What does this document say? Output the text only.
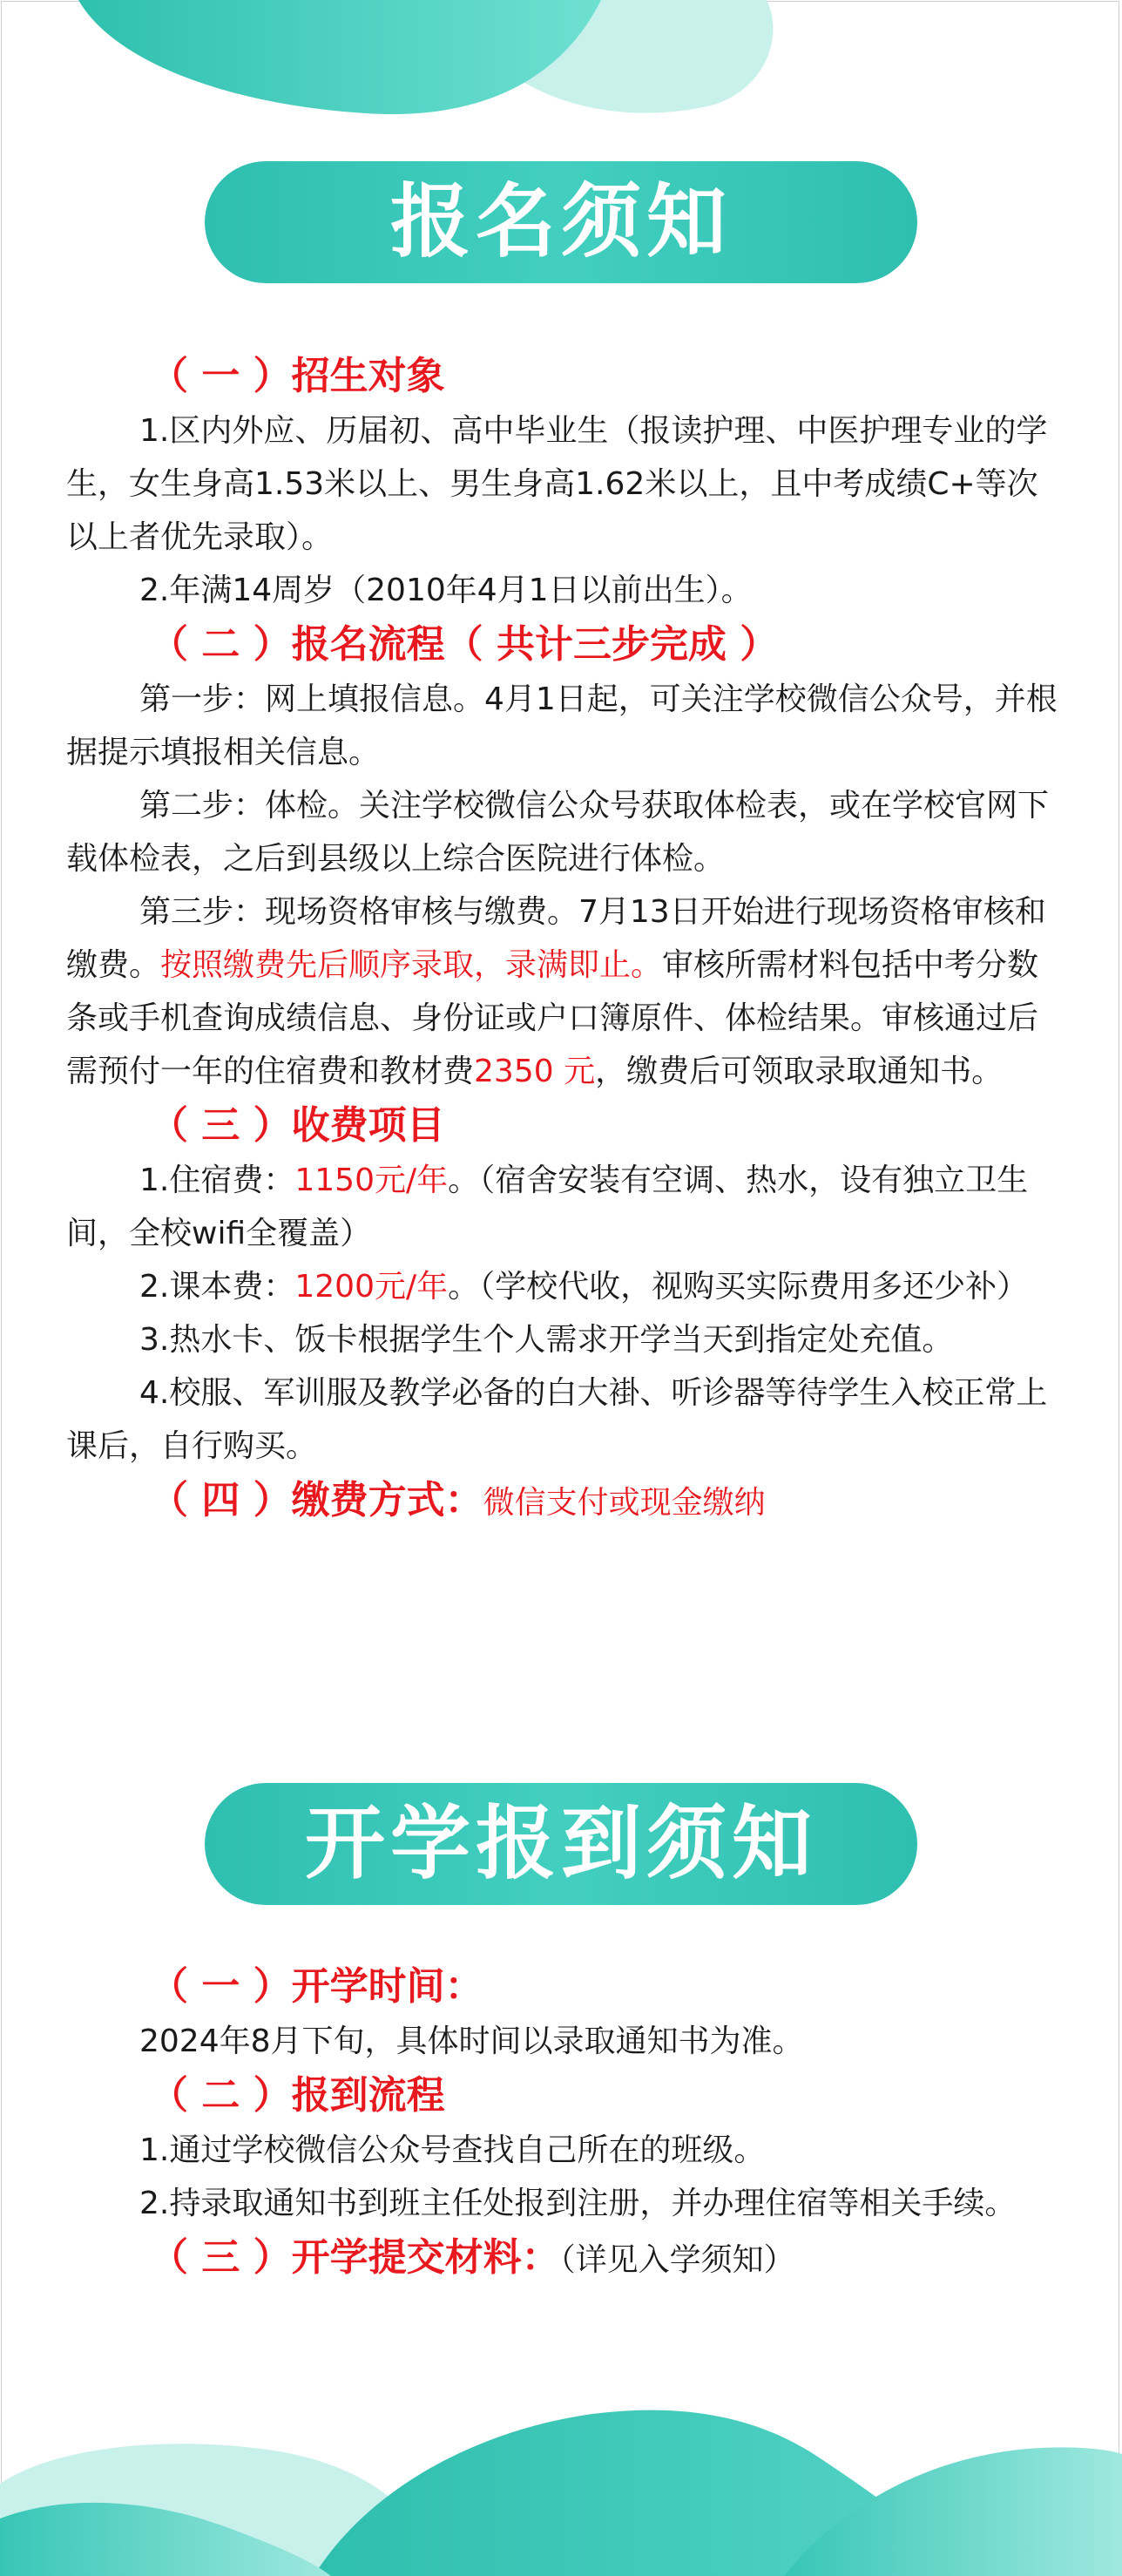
报名须知

（ 一 ）招生对象

1.区内外应、历届初、高中毕业生（报读护理、中医护理专业的学生，女生身高1.53米以上、男生身高1.62米以上，且中考成绩C+等次以上者优先录取）。

2.年满14周岁（2010年4月1日以前出生）。

（ 二 ）报名流程（ 共计三步完成 ）

第一步：网上填报信息。4月1日起，可关注学校微信公众号，并根据提示填报相关信息。

第二步：体检。关注学校微信公众号获取体检表，或在学校官网下载体检表，之后到县级以上综合医院进行体检。

第三步：现场资格审核与缴费。7月13日开始进行现场资格审核和缴费。按照缴费先后顺序录取，录满即止。审核所需材料包括中考分数条或手机查询成绩信息、身份证或户口簿原件、体检结果。审核通过后需预付一年的住宿费和教材费2350 元，缴费后可领取录取通知书。

（ 三 ）收费项目

1.住宿费：1150元/年。（宿舍安装有空调、热水，设有独立卫生间，全校wifi全覆盖）

2.课本费：1200元/年。（学校代收，视购买实际费用多还少补）

3.热水卡、饭卡根据学生个人需求开学当天到指定处充值。

4.校服、军训服及教学必备的白大褂、听诊器等待学生入校正常上课后，自行购买。

（ 四 ）缴费方式：微信支付或现金缴纳

开学报到须知

（ 一 ）开学时间：

2024年8月下旬，具体时间以录取通知书为准。

（ 二 ）报到流程

1.通过学校微信公众号查找自己所在的班级。

2.持录取通知书到班主任处报到注册，并办理住宿等相关手续。

（ 三 ）开学提交材料：（详见入学须知）
